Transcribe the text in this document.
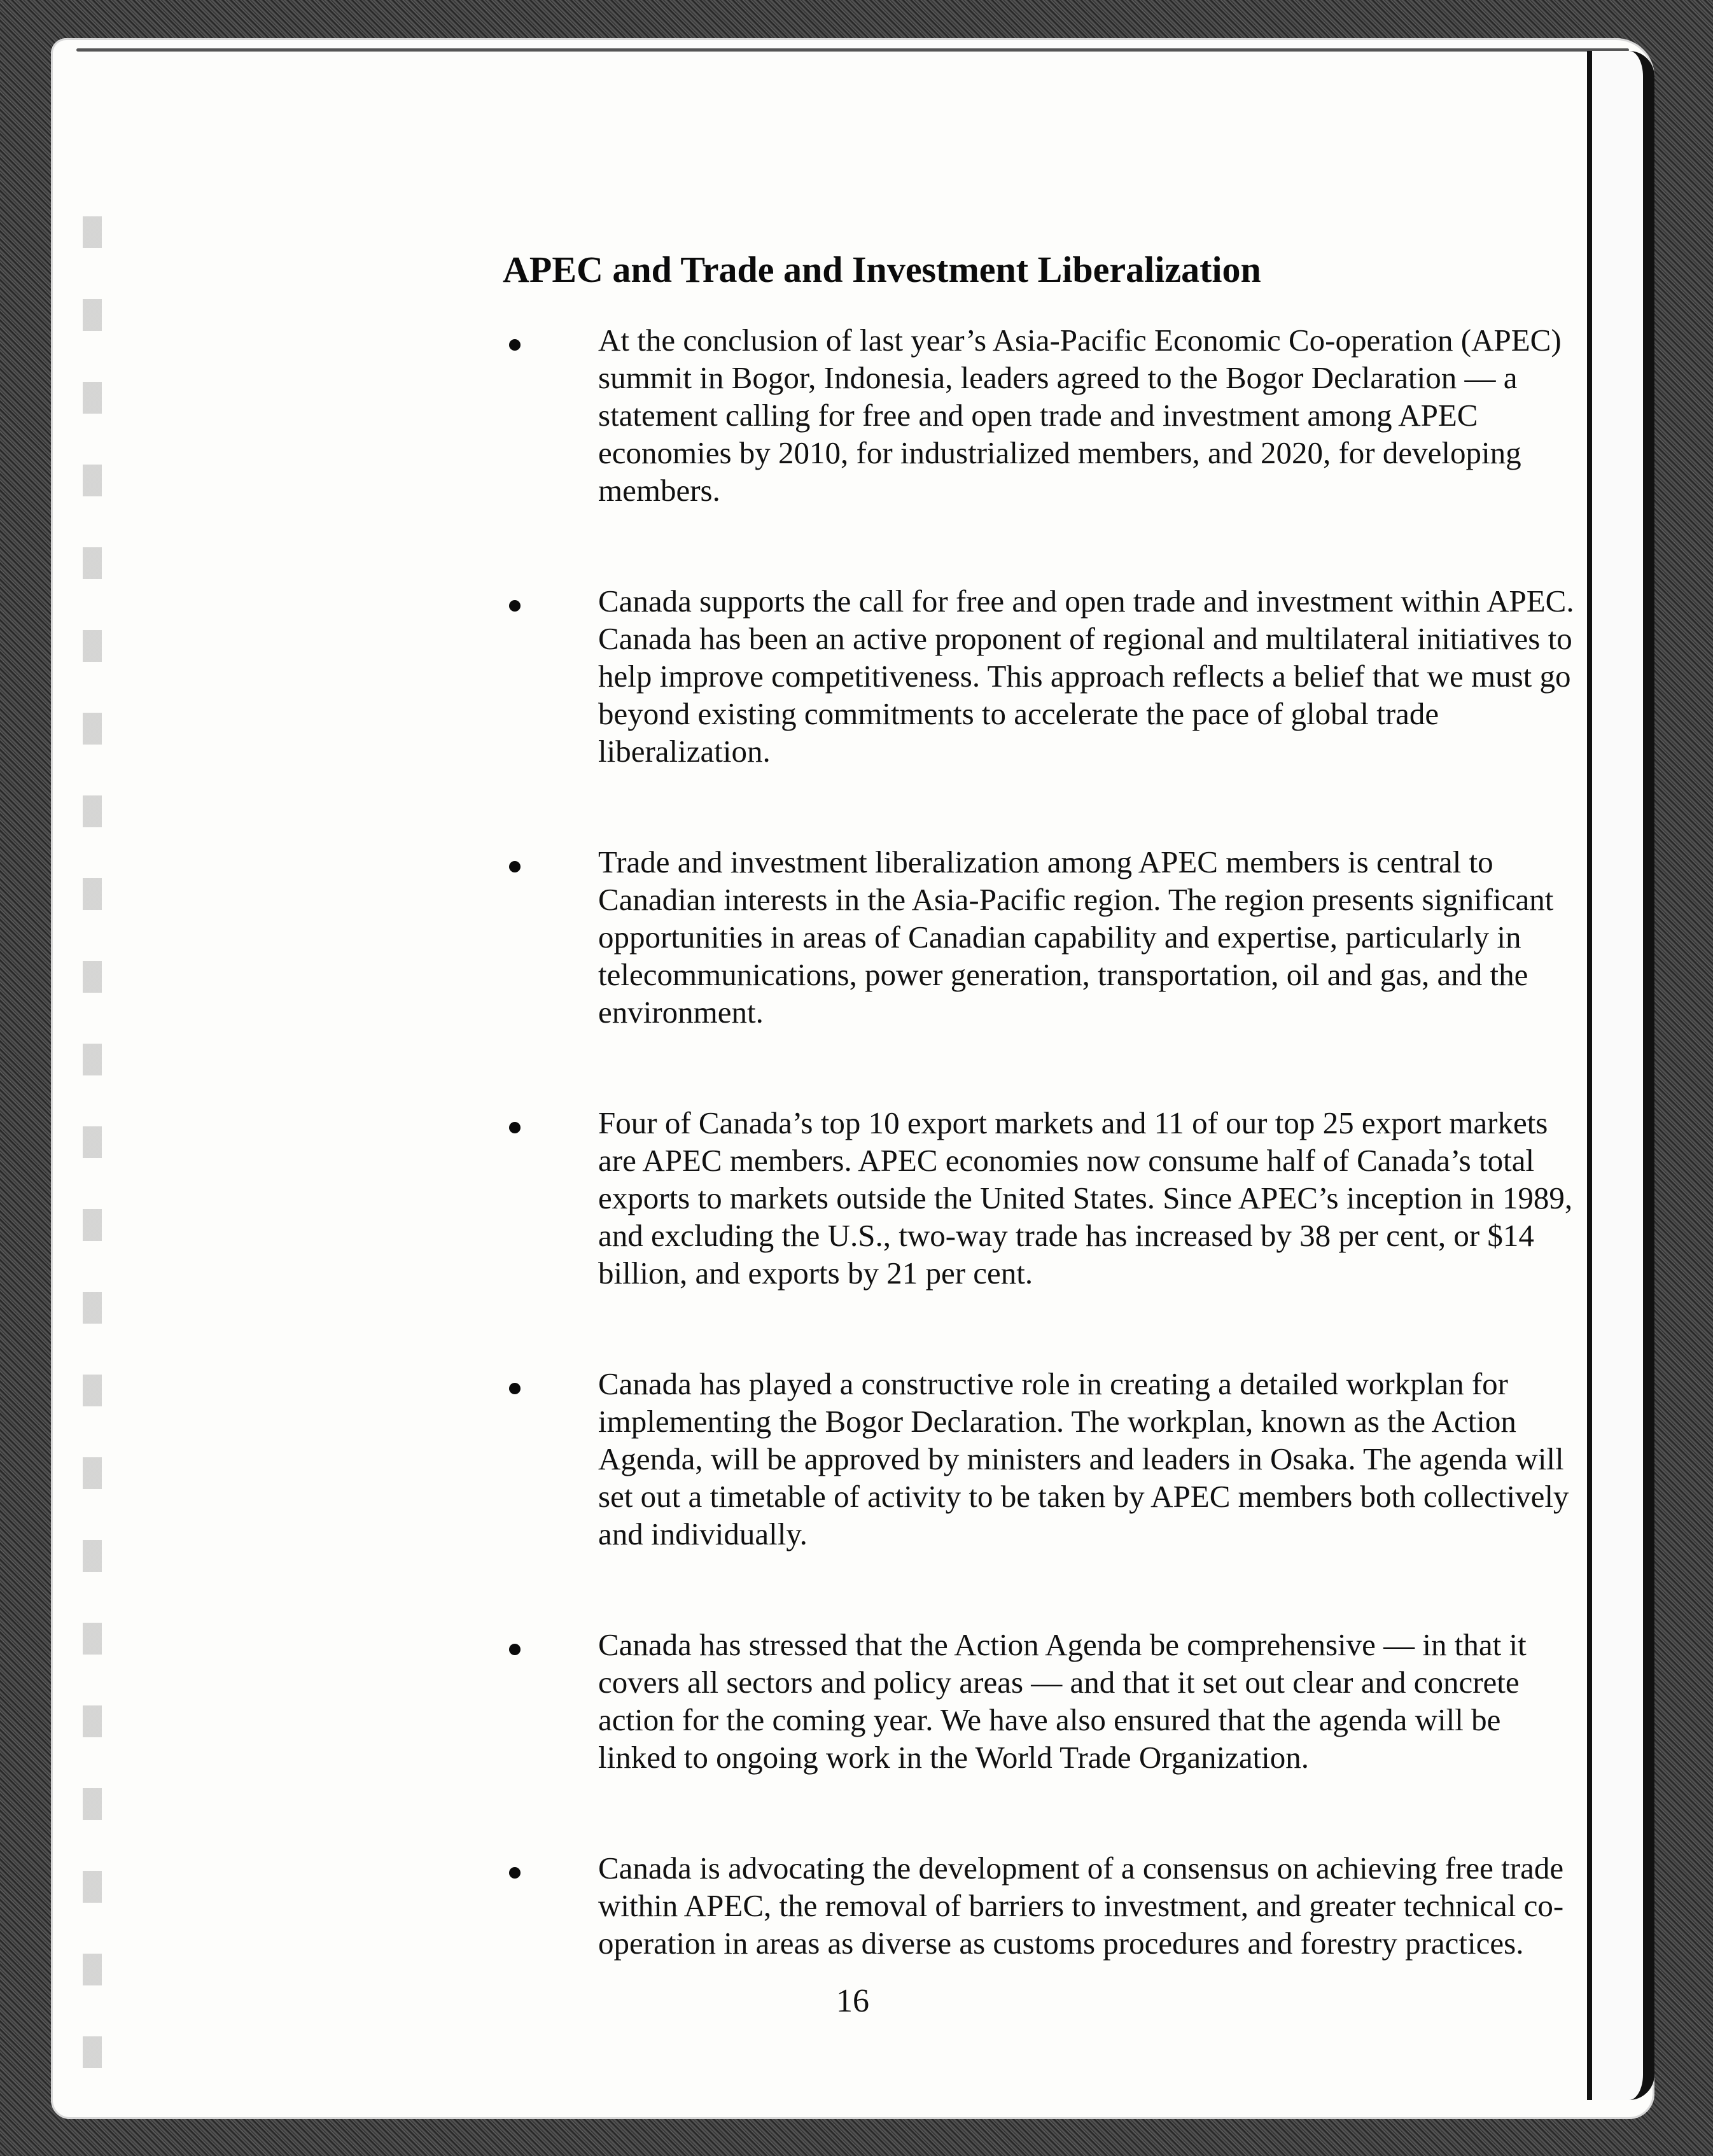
APEC and Trade and Investment Liberalization

At the conclusion of last year’s Asia-Pacific Economic Co-operation (APEC) summit in Bogor, Indonesia, leaders agreed to the Bogor Declaration — a statement calling for free and open trade and investment among APEC economies by 2010, for industrialized members, and 2020, for developing members.

Canada supports the call for free and open trade and investment within APEC. Canada has been an active proponent of regional and multilateral initiatives to help improve competitiveness. This approach reflects a belief that we must go beyond existing commitments to accelerate the pace of global trade liberalization.

Trade and investment liberalization among APEC members is central to Canadian interests in the Asia-Pacific region. The region presents significant opportunities in areas of Canadian capability and expertise, particularly in telecommunications, power generation, transportation, oil and gas, and the environment.

Four of Canada’s top 10 export markets and 11 of our top 25 export markets are APEC members. APEC economies now consume half of Canada’s total exports to markets outside the United States. Since APEC’s inception in 1989, and excluding the U.S., two-way trade has increased by 38 per cent, or $14 billion, and exports by 21 per cent.

Canada has played a constructive role in creating a detailed workplan for implementing the Bogor Declaration. The workplan, known as the Action Agenda, will be approved by ministers and leaders in Osaka. The agenda will set out a timetable of activity to be taken by APEC members both collectively and individually.

Canada has stressed that the Action Agenda be comprehensive — in that it covers all sectors and policy areas — and that it set out clear and concrete action for the coming year. We have also ensured that the agenda will be linked to ongoing work in the World Trade Organization.

Canada is advocating the development of a consensus on achieving free trade within APEC, the removal of barriers to investment, and greater technical co-operation in areas as diverse as customs procedures and forestry practices.

16
